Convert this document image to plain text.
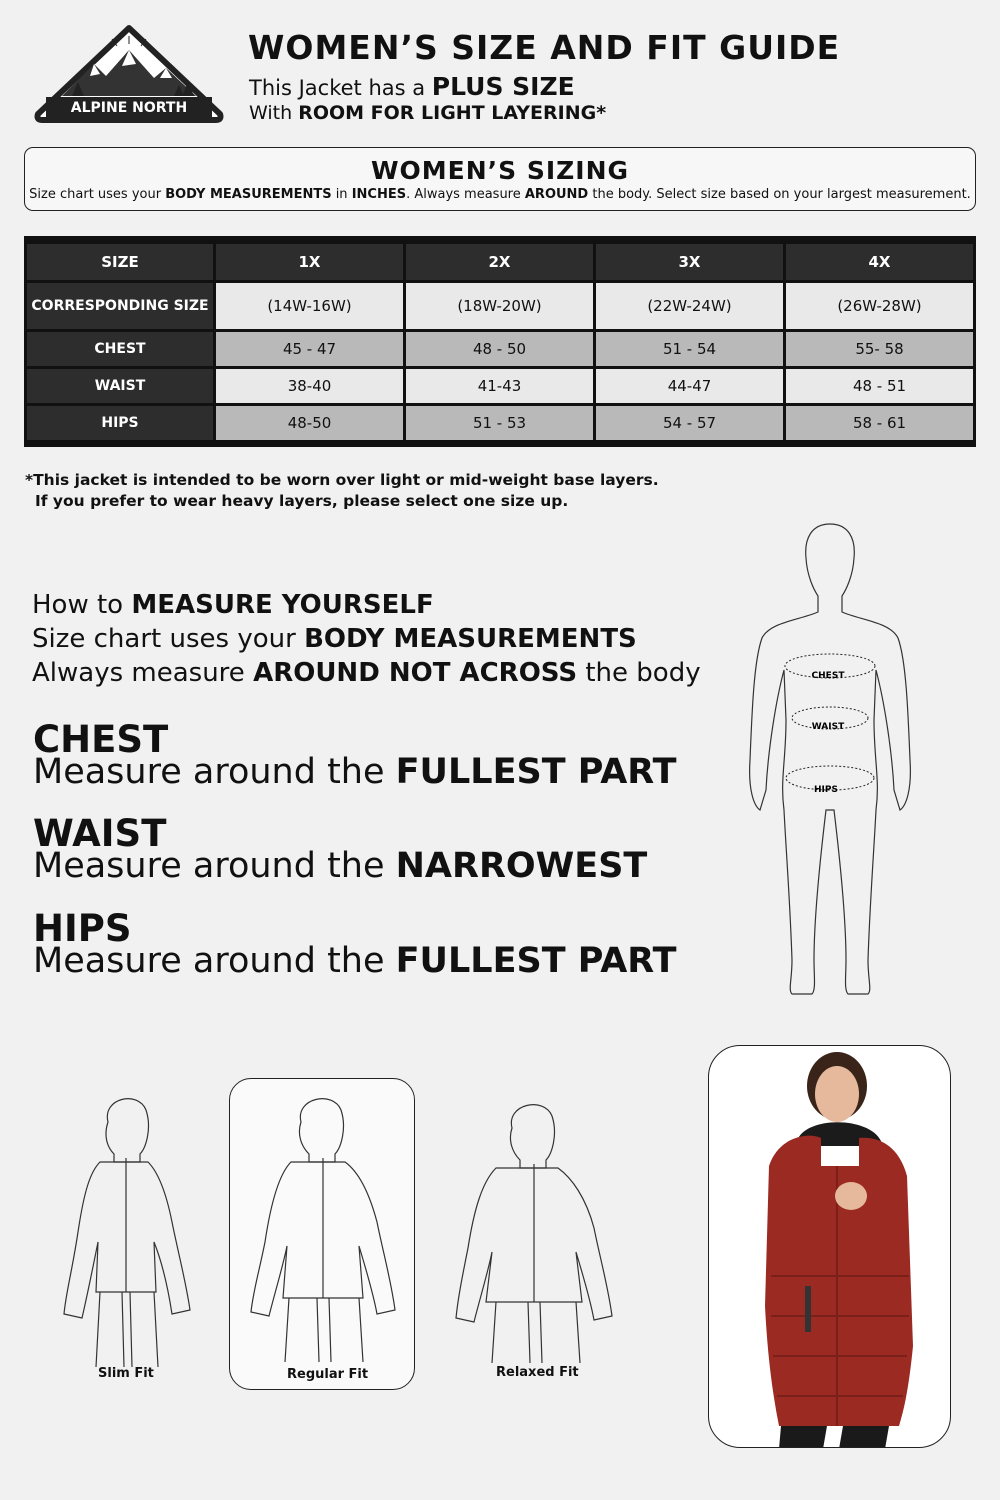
ALPINE NORTH
WOMEN’S SIZE AND FIT GUIDE
This Jacket has a PLUS SIZE
With ROOM FOR LIGHT LAYERING*
WOMEN’S SIZING
Size chart uses your BODY MEASUREMENTS in INCHES. Always measure AROUND the body. Select size based on your largest measurement.
SIZE	1X	2X	3X	4X
CORRESPONDING SIZE	(14W-16W)	(18W-20W)	(22W-24W)	(26W-28W)
CHEST	45 - 47	48 - 50	51 - 54	55- 58
WAIST	38-40	41-43	44-47	48 - 51
HIPS	48-50	51 - 53	54 - 57	58 - 61
*This jacket is intended to be worn over light or mid-weight base layers.
If you prefer to wear heavy layers, please select one size up.
How to MEASURE YOURSELF
Size chart uses your BODY MEASUREMENTS
Always measure AROUND NOT ACROSS the body
CHEST
Measure around the FULLEST PART
WAIST
Measure around the NARROWEST
HIPS
Measure around the FULLEST PART
CHEST
WAIST
HIPS
Slim Fit	Regular Fit	Relaxed Fit
